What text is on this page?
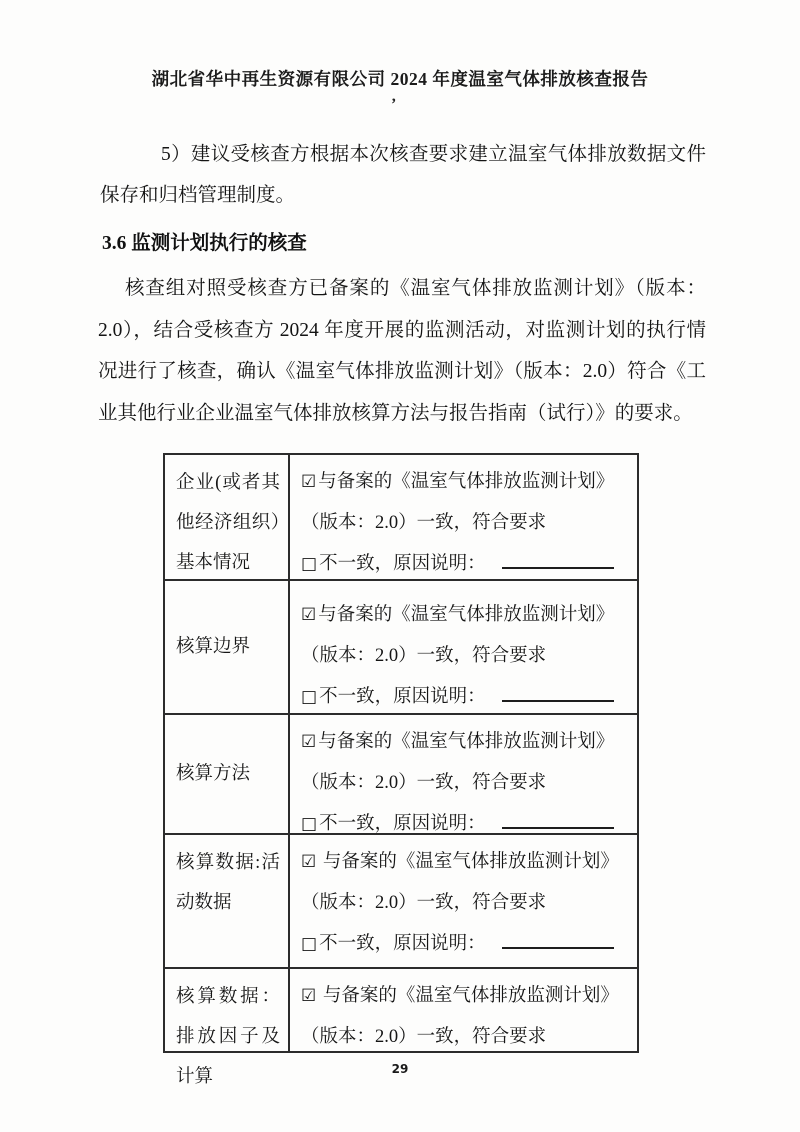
湖北省华中再生资源有限公司 2024 年度温室气体排放核查报告
’
5）建议受核查方根据本次核查要求建立温室气体排放数据文件保存和归档管理制度。
3.6 监测计划执行的核查
核查组对照受核查方已备案的《温室气体排放监测计划》（版本：2.0），结合受核查方 2024 年度开展的监测活动，对监测计划的执行情况进行了核查，确认《温室气体排放监测计划》（版本：2.0）符合《工业其他行业企业温室气体排放核算方法与报告指南（试行）》的要求。
企业(或者其他经济组织）基本情况
☑ 与备案的《温室气体排放监测计划》（版本：2.0）一致，符合要求
□ 不一致，原因说明：
核算边界
☑ 与备案的《温室气体排放监测计划》（版本：2.0）一致，符合要求
□ 不一致，原因说明：
核算方法
☑ 与备案的《温室气体排放监测计划》（版本：2.0）一致，符合要求
□ 不一致，原因说明：
核算数据:活动数据
☑ 与备案的《温室气体排放监测计划》（版本：2.0）一致，符合要求
□ 不一致，原因说明：
核算数据：排放因子及计算
☑ 与备案的《温室气体排放监测计划》（版本：2.0）一致，符合要求
29
